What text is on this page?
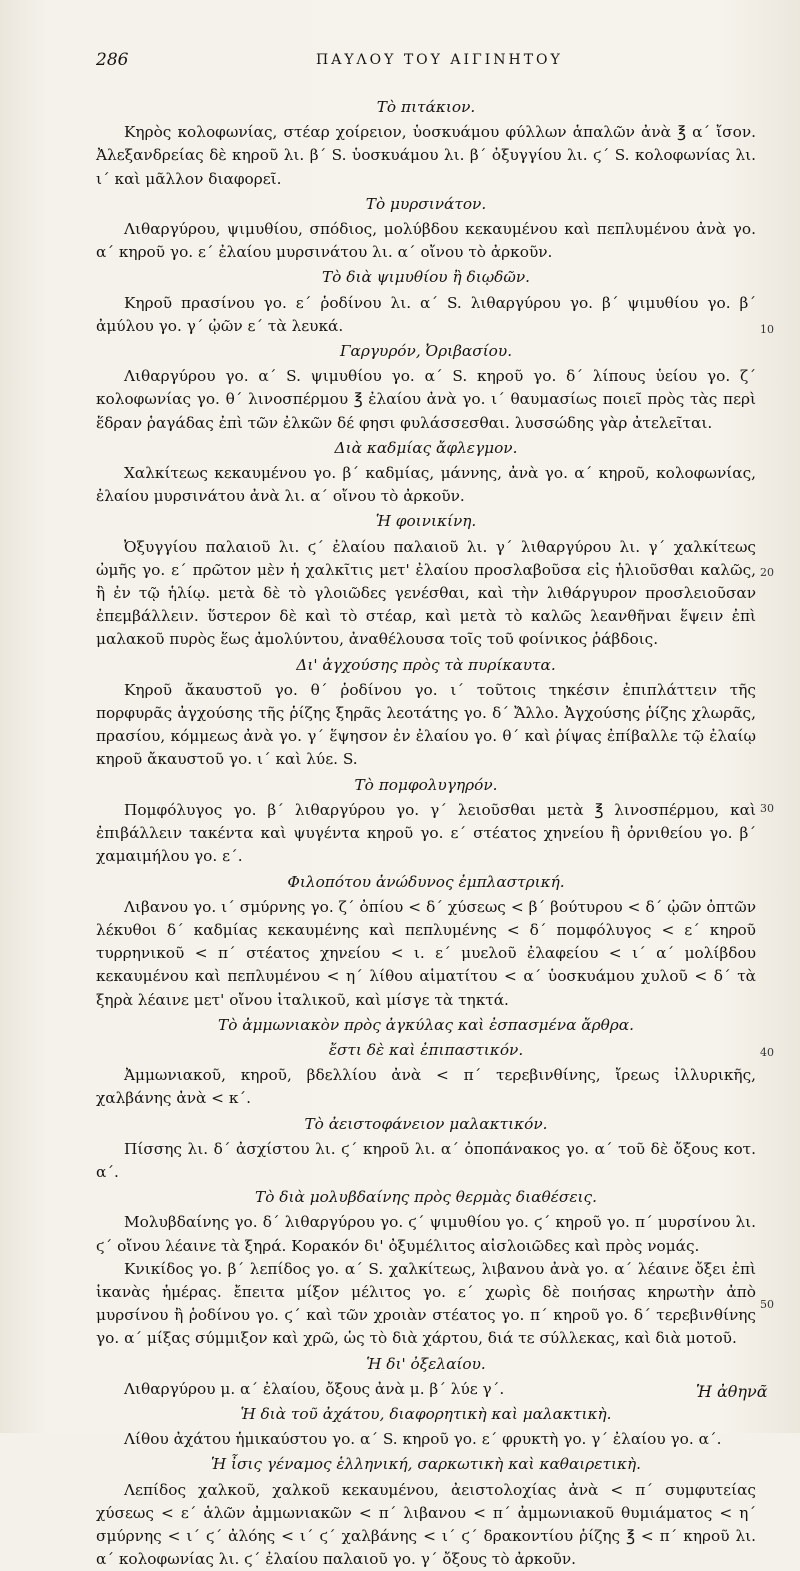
286	ΠΑΥΛΟΥ ΤΟΥ ΑΙΓΙΝΗΤΟΥ
Τὸ πιτάκιον.

Κηρὸς κολοφωνίας, στέαρ χοίρειον, ὑοσκυάμου φύλλων ἁπαλῶν ἀνὰ ℥ α΄ ἴσον. Ἀλεξανδρείας δὲ κηροῦ λι. β΄ S. ὑοσκυάμου λι. β΄ ὀξυγγίου λι. ϛ΄ S. κολοφωνίας λι. ι΄ καὶ μᾶλλον διαφορεῖ.

Τὸ μυρσινάτον.

Λιθαργύρου, ψιμυθίου, σπόδιος, μολύβδου κεκαυμένου καὶ πεπλυμένου ἀνὰ γο. α΄ κηροῦ γο. ε΄ ἐλαίου μυρσινάτου λι. α΄ οἴνου τὸ ἀρκοῦν.

Τὸ διὰ ψιμυθίου ἢ διῳδῶν.

Κηροῦ πρασίνου γο. ε΄ ῥοδίνου λι. α΄ S. λιθαργύρου γο. β΄ ψιμυθίου γο. β΄ ἀμύλου γο. γ΄ ᾠῶν ε΄ τὰ λευκά.

Γαργυρόν, Ὀριβασίου.

Λιθαργύρου γο. α΄ S. ψιμυθίου γο. α΄ S. κηροῦ γο. δ΄ λίπους ὑείου γο. ζ΄ κολοφωνίας γο. θ΄ λινοσπέρμου ℥ ἐλαίου ἀνὰ γο. ι΄ θαυμασίως ποιεῖ πρὸς τὰς περὶ ἕδραν ῥαγάδας ἐπὶ τῶν ἐλκῶν δέ φησι φυλάσσεσθαι. λυσσώδης γὰρ ἀτελεῖται.

Διὰ καδμίας ἄφλεγμον.

Χαλκίτεως κεκαυμένου γο. β΄ καδμίας, μάννης, ἀνὰ γο. α΄ κηροῦ, κολοφωνίας, ἐλαίου μυρσινάτου ἀνὰ λι. α΄ οἴνου τὸ ἀρκοῦν.

Ἡ φοινικίνη.

Ὀξυγγίου παλαιοῦ λι. ϛ΄ ἐλαίου παλαιοῦ λι. γ΄ λιθαργύρου λι. γ΄ χαλκίτεως ὠμῆς γο. ε΄ πρῶτον μὲν ἡ χαλκῖτις μετ' ἐλαίου προσλαβοῦσα εἰς ἡλιοῦσθαι καλῶς, ἢ ἐν τῷ ἡλίῳ. μετὰ δὲ τὸ γλοιῶδες γενέσθαι, καὶ τὴν λιθάργυρον προσλειοῦσαν ἐπεμβάλλειν. ὕστερον δὲ καὶ τὸ στέαρ, καὶ μετὰ τὸ καλῶς λεανθῆναι ἕψειν ἐπὶ μαλακοῦ πυρὸς ἕως ἀμολύντου, ἀναθέλουσα τοῖς τοῦ φοίνικος ῥάβδοις.

Δι' ἀγχούσης πρὸς τὰ πυρίκαυτα.

Κηροῦ ἄκαυστοῦ γο. θ΄ ῥοδίνου γο. ι΄ τοῦτοις τηκέσιν ἐπιπλάττειν τῆς πορφυρᾶς ἀγχούσης τῆς ῥίζης ξηρᾶς λεοτάτης γο. δ΄ Ἄλλο. Ἀγχούσης ῥίζης χλωρᾶς, πρασίου, κόμμεως ἀνὰ γο. γ΄ ἕψησον ἐν ἐλαίου γο. θ΄ καὶ ῥίψας ἐπίβαλλε τῷ ἐλαίῳ κηροῦ ἄκαυστοῦ γο. ι΄ καὶ λύε. S.

Τὸ πομφολυγηρόν.

Πομφόλυγος γο. β΄ λιθαργύρου γο. γ΄ λειοῦσθαι μετὰ ℥ λινοσπέρμου, καὶ ἐπιβάλλειν τακέντα καὶ ψυγέντα κηροῦ γο. ε΄ στέατος χηνείου ἢ ὀρνιθείου γο. β΄ χαμαιμήλου γο. ε΄.

Φιλοπότου ἀνώδυνος ἐμπλαστρική.

Λιβανου γο. ι΄ σμύρνης γο. ζ΄ ὀπίου < δ΄ χύσεως < β΄ βούτυρου < δ΄ ᾠῶν ὀπτῶν λέκυθοι δ΄ καδμίας κεκαυμένης καὶ πεπλυμένης < δ΄ πομφόλυγος < ε΄ κηροῦ τυρρηνικοῦ < π΄ στέατος χηνείου < ι. ε΄ μυελοῦ ἐλαφείου < ι΄ α΄ μολίβδου κεκαυμένου καὶ πεπλυμένου < η΄ λίθου αἱματίτου < α΄ ὑοσκυάμου χυλοῦ < δ΄ τὰ ξηρὰ λέαινε μετ' οἴνου ἰταλικοῦ, καὶ μίσγε τὰ τηκτά.

Τὸ ἀμμωνιακὸν πρὸς ἀγκύλας καὶ ἐσπασμένα ἄρθρα.
ἔστι δὲ καὶ ἐπιπαστικόν.

Ἀμμωνιακοῦ, κηροῦ, βδελλίου ἀνὰ < π΄ τερεβινθίνης, ἴρεως ἰλλυρικῆς, χαλβάνης ἀνὰ < κ΄.

Τὸ ἀειστοφάνειον μαλακτικόν.

Πίσσης λι. δ΄ ἀσχίστου λι. ϛ΄ κηροῦ λι. α΄ ὀποπάνακος γο. α΄ τοῦ δὲ ὄξους κοτ. α΄.

Τὸ διὰ μολυβδαίνης πρὸς θερμὰς διαθέσεις.

Μολυβδαίνης γο. δ΄ λιθαργύρου γο. ϛ΄ ψιμυθίου γο. ϛ΄ κηροῦ γο. π΄ μυρσίνου λι. ϛ΄ οἴνου λέαινε τὰ ξηρά. Κορακόν δι' ὀξυμέλιτος αἰσλοιῶδες καὶ πρὸς νομάς.

Κνικίδος γο. β΄ λεπίδος γο. α΄ S. χαλκίτεως, λιβανου ἀνὰ γο. α΄ λέαινε ὄξει ἐπὶ ἱκανὰς ἡμέρας. ἔπειτα μίξον μέλιτος γο. ε΄ χωρὶς δὲ ποιήσας κηρωτὴν ἀπὸ μυρσίνου ἢ ῥοδίνου γο. ϛ΄ καὶ τῶν χροιὰν στέατος γο. π΄ κηροῦ γο. δ΄ τερεβινθίνης γο. α΄ μίξας σύμμιξον καὶ χρῶ, ὡς τὸ διὰ χάρτου, διά τε σύλλεκας, καὶ διὰ μοτοῦ.

Ἡ δι' ὀξελαίου.

Λιθαργύρου μ. α΄ ἐλαίου, ὄξους ἀνὰ μ. β΄ λύε γ΄.

Ἡ διὰ τοῦ ἀχάτου, διαφορητικὴ καὶ μαλακτικὴ.

Λίθου ἀχάτου ἡμικαύστου γο. α΄ S. κηροῦ γο. ε΄ φρυκτὴ γο. γ΄ ἐλαίου γο. α΄.

Ἡ ἶσις γέναμος ἑλληνική, σαρκωτικὴ καὶ καθαιρετικὴ.

Λεπίδος χαλκοῦ, χαλκοῦ κεκαυμένου, ἀειστολοχίας ἀνὰ < π΄ συμφυτείας χύσεως < ε΄ ἁλῶν ἀμμωνιακῶν < π΄ λιβανου < π΄ ἀμμωνιακοῦ θυμιάματος < η΄ σμύρνης < ι΄ ϛ΄ ἀλόης < ι΄ ϛ΄ χαλβάνης < ι΄ ϛ΄ δρακοντίου ῥίζης ℥ < π΄ κηροῦ λι. α΄ κολοφωνίας λι. ϛ΄ ἐλαίου παλαιοῦ γο. γ΄ ὄξους τὸ ἀρκοῦν.

10
20
30
40
50
Ἡ ἀθηνᾶ
